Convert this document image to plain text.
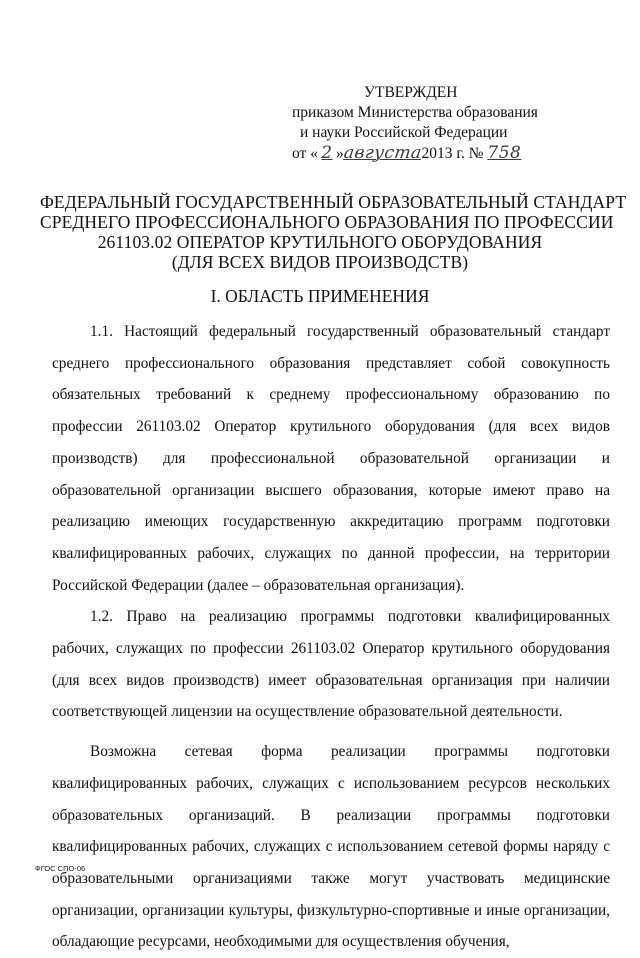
УТВЕРЖДЕН
приказом Министерства образования
и науки Российской Федерации
от « 2 »августа2013 г. № 758
ФЕДЕРАЛЬНЫЙ ГОСУДАРСТВЕННЫЙ ОБРАЗОВАТЕЛЬНЫЙ СТАНДАРТ
СРЕДНЕГО ПРОФЕССИОНАЛЬНОГО ОБРАЗОВАНИЯ ПО ПРОФЕССИИ
261103.02 ОПЕРАТОР КРУТИЛЬНОГО ОБОРУДОВАНИЯ
(ДЛЯ ВСЕХ ВИДОВ ПРОИЗВОДСТВ)
I. ОБЛАСТЬ ПРИМЕНЕНИЯ

1.1. Настоящий федеральный государственный образовательный стандарт среднего профессионального образования представляет собой совокупность обязательных требований к среднему профессиональному образованию по профессии 261103.02 Оператор крутильного оборудования (для всех видов производств) для профессиональной образовательной организации и образовательной организации высшего образования, которые имеют право на реализацию имеющих государственную аккредитацию программ подготовки квалифицированных рабочих, служащих по данной профессии, на территории Российской Федерации (далее – образовательная организация).

1.2. Право на реализацию программы подготовки квалифицированных рабочих, служащих по профессии 261103.02 Оператор крутильного оборудования (для всех видов производств) имеет образовательная организация при наличии соответствующей лицензии на осуществление образовательной деятельности.

Возможна сетевая форма реализации программы подготовки квалифицированных рабочих, служащих с использованием ресурсов нескольких образовательных организаций. В реализации программы подготовки квалифицированных рабочих, служащих с использованием сетевой формы наряду с образовательными организациями также могут участвовать медицинские организации, организации культуры, физкультурно-спортивные и иные организации, обладающие ресурсами, необходимыми для осуществления обучения,

ФГОС СПО-06
